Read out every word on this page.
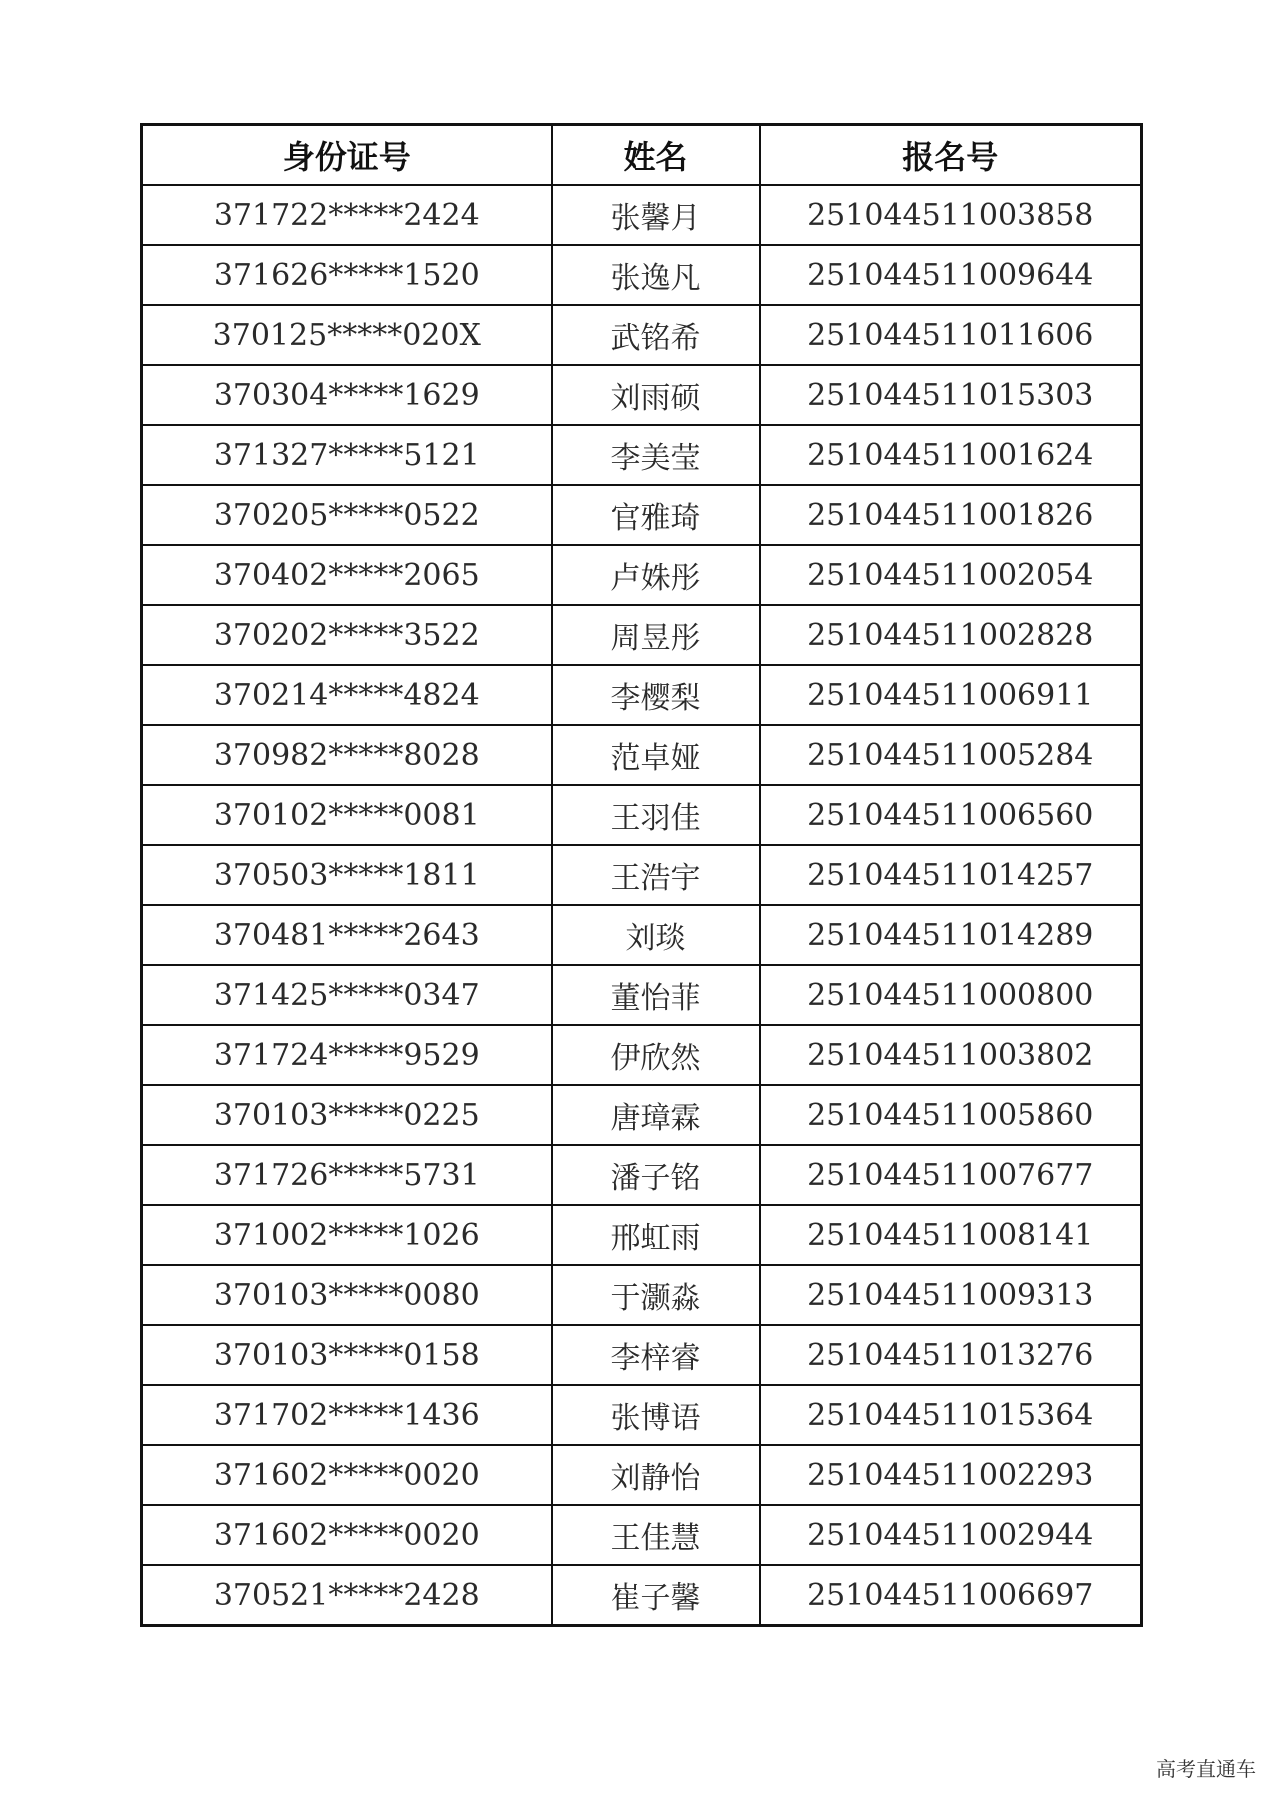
身份证号	姓名	报名号
371722*****2424	张馨月	251044511003858
371626*****1520	张逸凡	251044511009644
370125*****020X	武铭希	251044511011606
370304*****1629	刘雨硕	251044511015303
371327*****5121	李美莹	251044511001624
370205*****0522	官雅琦	251044511001826
370402*****2065	卢姝彤	251044511002054
370202*****3522	周昱彤	251044511002828
370214*****4824	李樱梨	251044511006911
370982*****8028	范卓娅	251044511005284
370102*****0081	王羽佳	251044511006560
370503*****1811	王浩宇	251044511014257
370481*****2643	刘琰	251044511014289
371425*****0347	董怡菲	251044511000800
371724*****9529	伊欣然	251044511003802
370103*****0225	唐璋霖	251044511005860
371726*****5731	潘子铭	251044511007677
371002*****1026	邢虹雨	251044511008141
370103*****0080	于灏淼	251044511009313
370103*****0158	李梓睿	251044511013276
371702*****1436	张博语	251044511015364
371602*****0020	刘静怡	251044511002293
371602*****0020	王佳慧	251044511002944
370521*****2428	崔子馨	251044511006697
高考直通车
